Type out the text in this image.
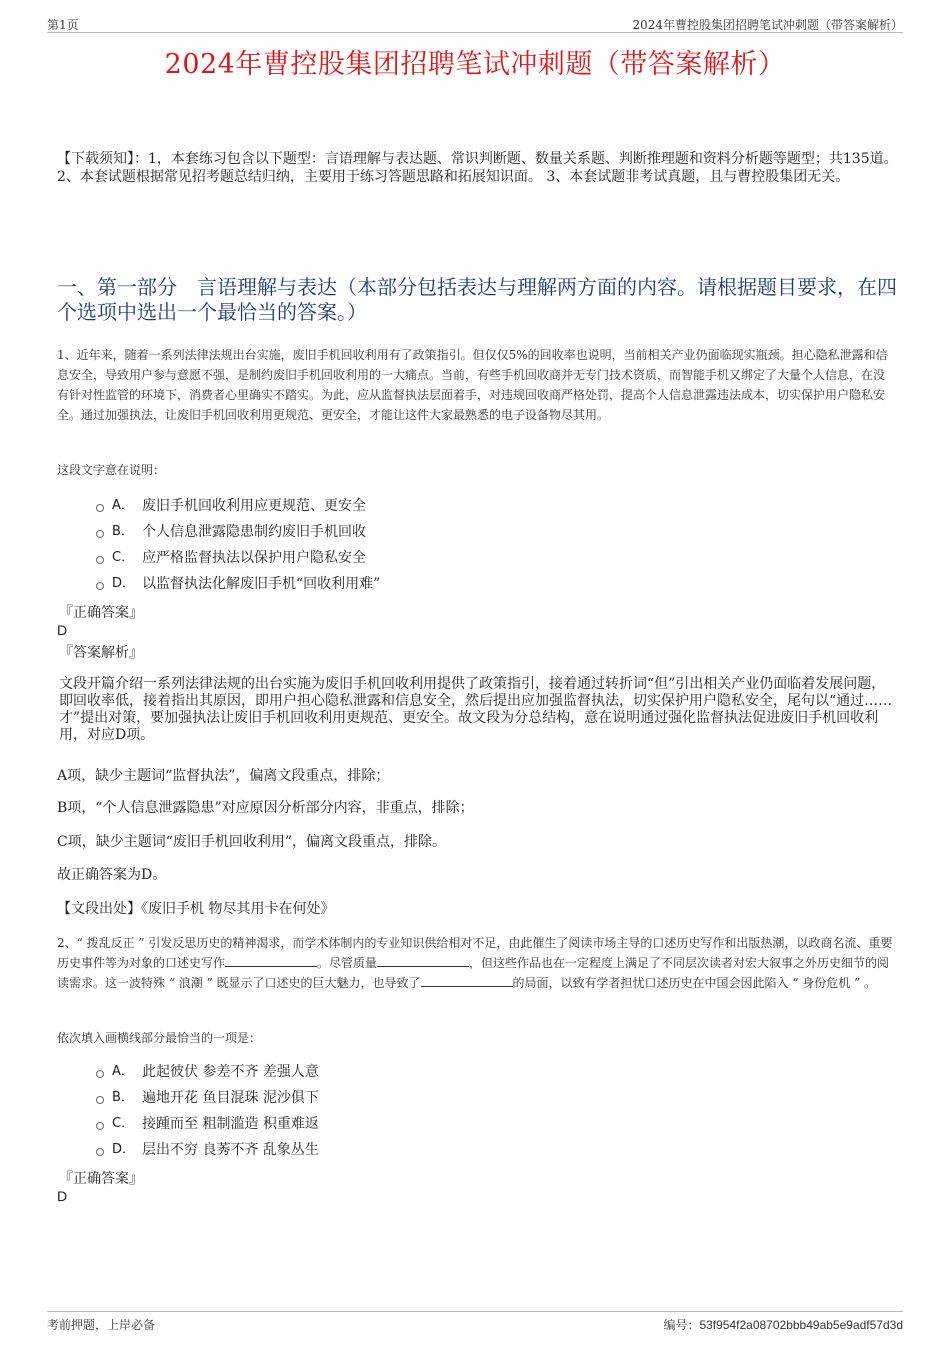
第1页	2024年曹控股集团招聘笔试冲刺题（带答案解析）
2024年曹控股集团招聘笔试冲刺题（带答案解析）
【下载须知】：1，本套练习包含以下题型：言语理解与表达题、常识判断题、数量关系题、判断推理题和资料分析题等题型；共135道。 2、本套试题根据常见招考题总结归纳，主要用于练习答题思路和拓展知识面。 3、本套试题非考试真题，且与曹控股集团无关。
一、第一部分　言语理解与表达（本部分包括表达与理解两方面的内容。请根据题目要求，在四个选项中选出一个最恰当的答案。）
1、近年来，随着一系列法律法规出台实施，废旧手机回收利用有了政策指引。但仅仅5%的回收率也说明，当前相关产业仍面临现实瓶颈。担心隐私泄露和信息安全，导致用户参与意愿不强，是制约废旧手机回收利用的一大痛点。当前，有些手机回收商并无专门技术资质，而智能手机又绑定了大量个人信息，在没有针对性监管的环境下，消费者心里确实不踏实。为此，应从监督执法层面着手，对违规回收商严格处罚，提高个人信息泄露违法成本，切实保护用户隐私安全。通过加强执法，让废旧手机回收利用更规范、更安全，才能让这件大家最熟悉的电子设备物尽其用。
这段文字意在说明：
A． 废旧手机回收利用应更规范、更安全
B． 个人信息泄露隐患制约废旧手机回收
C． 应严格监督执法以保护用户隐私安全
D． 以监督执法化解废旧手机“回收利用难”
『正确答案』
D
『答案解析』
文段开篇介绍一系列法律法规的出台实施为废旧手机回收利用提供了政策指引，接着通过转折词“但”引出相关产业仍面临着发展问题，即回收率低，接着指出其原因，即用户担心隐私泄露和信息安全，然后提出应加强监督执法，切实保护用户隐私安全，尾句以“通过……才”提出对策，要加强执法让废旧手机回收利用更规范、更安全。故文段为分总结构，意在说明通过强化监督执法促进废旧手机回收利用，对应D项。
A项，缺少主题词“监督执法”，偏离文段重点，排除；
B项，“个人信息泄露隐患”对应原因分析部分内容，非重点，排除；
C项，缺少主题词“废旧手机回收利用”，偏离文段重点，排除。
故正确答案为D。
【文段出处】《废旧手机 物尽其用卡在何处》
2、“ 拨乱反正 ” 引发反思历史的精神渴求，而学术体制内的专业知识供给相对不足，由此催生了阅读市场主导的口述历史写作和出版热潮，以政商名流、重要历史事件等为对象的口述史写作	。尽管质量	，但这些作品也在一定程度上满足了不同层次读者对宏大叙事之外历史细节的阅读需求。这一波特殊 “ 浪潮 ” 既显示了口述史的巨大魅力，也导致了	的局面，以致有学者担忧口述历史在中国会因此陷入 “ 身份危机 ” 。
依次填入画横线部分最恰当的一项是：
A． 此起彼伏 参差不齐 差强人意
B． 遍地开花 鱼目混珠 泥沙俱下
C． 接踵而至 粗制滥造 积重难返
D． 层出不穷 良莠不齐 乱象丛生
『正确答案』
D
考前押题，上岸必备	编号：53f954f2a08702bbb49ab5e9adf57d3d
